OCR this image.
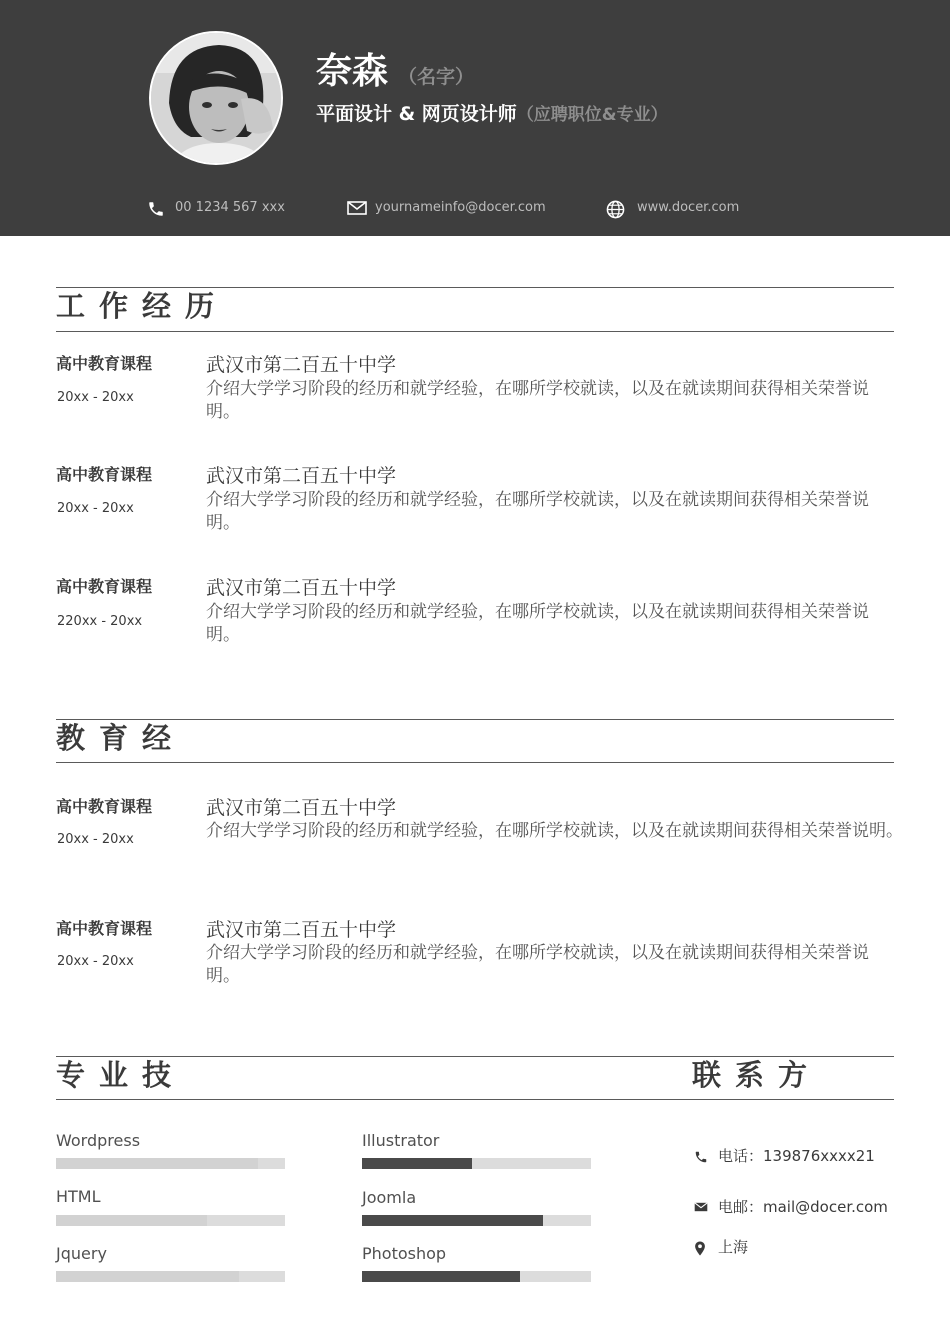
奈森 （名字）
平面设计 & 网页设计师（应聘职位&专业）
00 1234 567 xxx	yournameinfo@docer.com	www.docer.com
工作经历
高中教育课程
20xx - 20xx
武汉市第二百五十中学
介绍大学学习阶段的经历和就学经验，在哪所学校就读，以及在就读期间获得相关荣誉说明。
高中教育课程
20xx - 20xx
武汉市第二百五十中学
介绍大学学习阶段的经历和就学经验，在哪所学校就读，以及在就读期间获得相关荣誉说明。
高中教育课程
220xx - 20xx
武汉市第二百五十中学
介绍大学学习阶段的经历和就学经验，在哪所学校就读，以及在就读期间获得相关荣誉说明。
教育经
高中教育课程
20xx - 20xx
武汉市第二百五十中学
介绍大学学习阶段的经历和就学经验，在哪所学校就读，以及在就读期间获得相关荣誉说明。
高中教育课程
20xx - 20xx
武汉市第二百五十中学
介绍大学学习阶段的经历和就学经验，在哪所学校就读，以及在就读期间获得相关荣誉说明。
专业技	联系方
Wordpress
HTML
Jquery
Illustrator
Joomla
Photoshop
电话：139876xxxx21
电邮：mail@docer.com
上海
